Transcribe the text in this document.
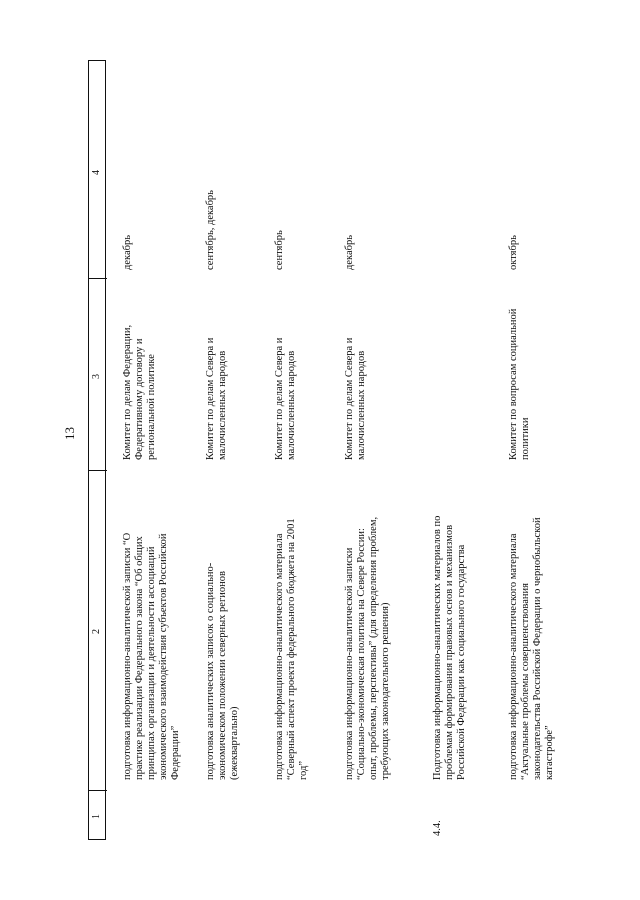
13
1
2
3
4
подготовка информационно-аналитической записки “О практике реализации Федерального закона “Об общих принципах организации и деятельности ассоциаций экономического взаимодействия субъектов Российской Федерации”
Комитет по делам Федерации, Федеративному договору и региональной политике
декабрь
подготовка аналитических записок о социально-экономическом положении северных регионов (ежеквартально)
Комитет по делам Севера и малочисленных народов
сентябрь, декабрь
подготовка информационно-аналитического материала “Северный аспект проекта федерального бюджета на 2001 год”
Комитет по делам Севера и малочисленных народов
сентябрь
подготовка информационно-аналитической записки “Социально-экономическая политика на Севере России: опыт, проблемы, перспективы” (для определения проблем, требующих законодательного решения)
Комитет по делам Севера и малочисленных народов
декабрь
4.4.
Подготовка информационно-аналитических материалов по проблемам формирования правовых основ и механизмов Российской Федерации как социального государства	подготовка информационно-аналитического материала “Актуальные проблемы совершенствования законодательства Российской Федерации о чернобыльской катастрофе”
Комитет по вопросам социальной политики
октябрь
